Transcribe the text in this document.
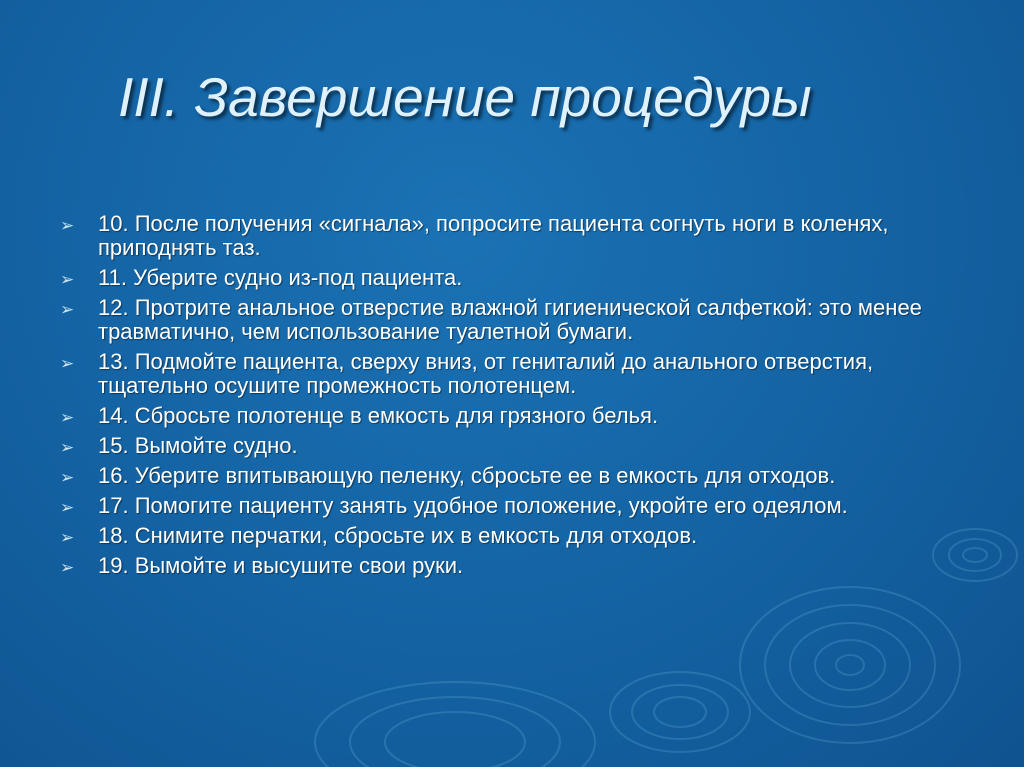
III. Завершение процедуры
➢ 10. После получения «сигнала», попросите пациента согнуть ноги в коленях, приподнять таз.
➢ 11. Уберите судно из-под пациента.
➢ 12. Протрите анальное отверстие влажной гигиенической салфеткой: это менее травматично, чем использование туалетной бумаги.
➢ 13. Подмойте пациента, сверху вниз, от гениталий до анального отверстия, тщательно осушите промежность полотенцем.
➢ 14. Сбросьте полотенце в емкость для грязного белья.
➢ 15. Вымойте судно.
➢ 16. Уберите впитывающую пеленку, сбросьте ее в емкость для отходов.
➢ 17. Помогите пациенту занять удобное положение, укройте его одеялом.
➢ 18. Снимите перчатки, сбросьте их в емкость для отходов.
➢ 19. Вымойте и высушите свои руки.
